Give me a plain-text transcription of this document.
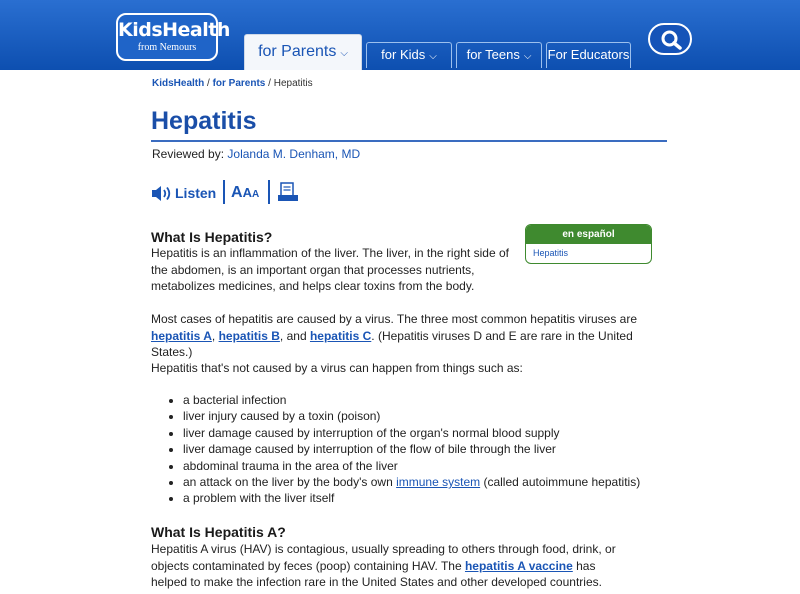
KidsHealth
from Nemours	for Parents ⌵	for Kids ⌵	for Teens ⌵	For Educators
KidsHealth / for Parents / Hepatitis
Hepatitis
Reviewed by: Jolanda M. Denham, MD
Listen AAA
en español
Hepatitis
What Is Hepatitis?
Hepatitis is an inflammation of the liver. The liver, in the right side of the abdomen, is an important organ that processes nutrients, metabolizes medicines, and helps clear toxins from the body.
Most cases of hepatitis are caused by a virus. The three most common hepatitis viruses are hepatitis A, hepatitis B, and hepatitis C. (Hepatitis viruses D and E are rare in the United States.)
Hepatitis that's not caused by a virus can happen from things such as:
• a bacterial infection
• liver injury caused by a toxin (poison)
• liver damage caused by interruption of the organ's normal blood supply
• liver damage caused by interruption of the flow of bile through the liver
• abdominal trauma in the area of the liver
• an attack on the liver by the body's own immune system (called autoimmune hepatitis)
• a problem with the liver itself
What Is Hepatitis A?
Hepatitis A virus (HAV) is contagious, usually spreading to others through food, drink, or objects contaminated by feces (poop) containing HAV. The hepatitis A vaccine has helped to make the infection rare in the United States and other developed countries.
